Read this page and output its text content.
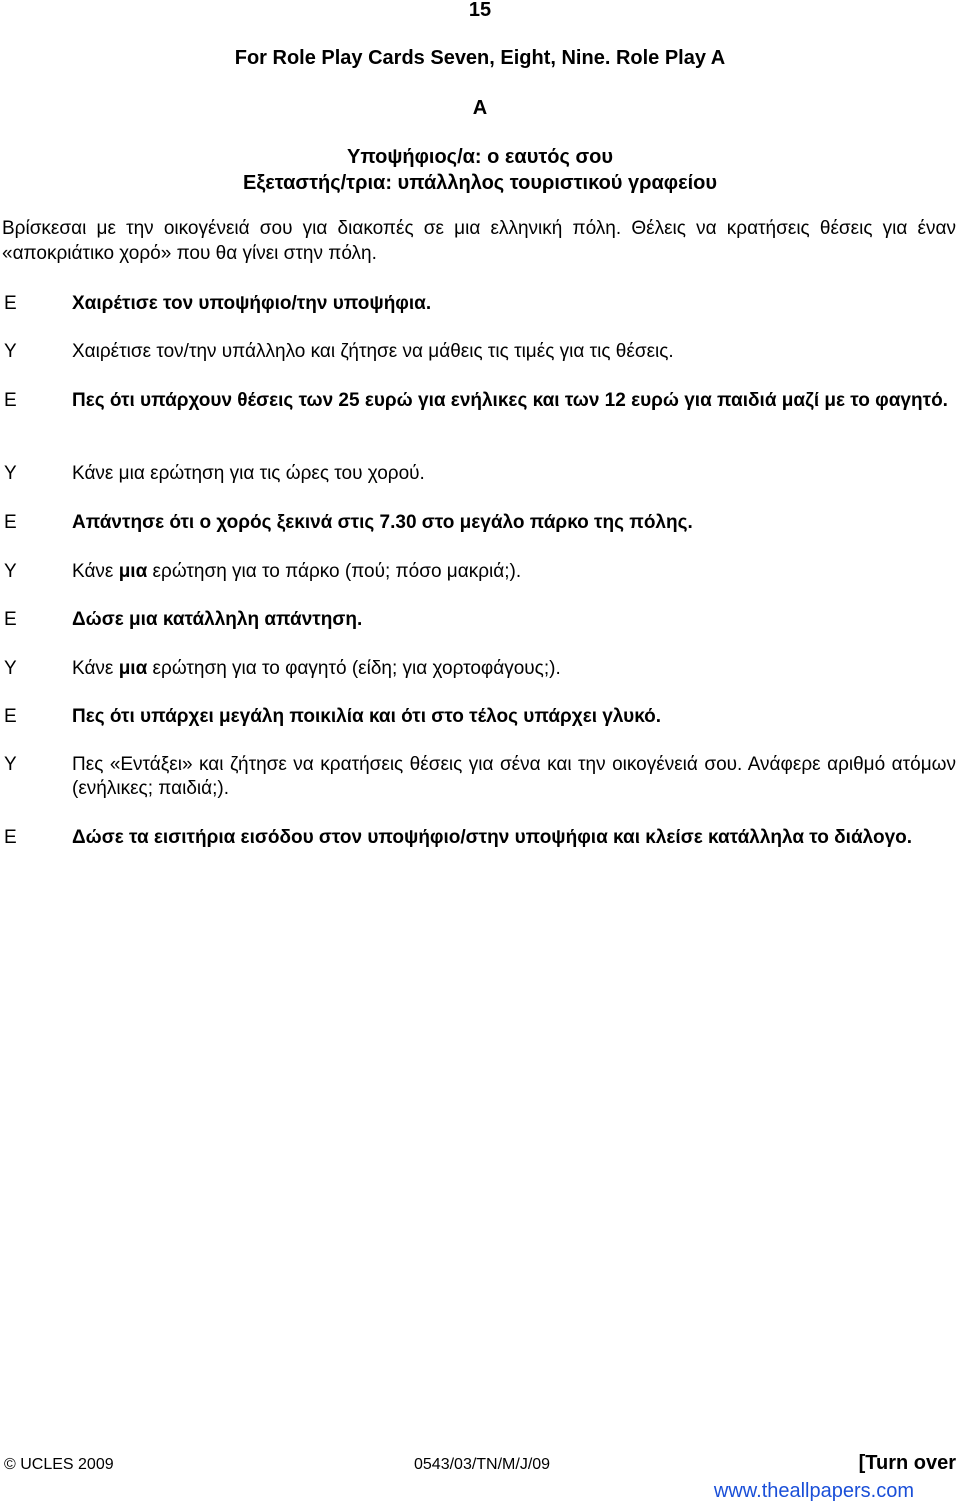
15
For Role Play Cards Seven, Eight, Nine. Role Play A
A
Υποψήφιος/α: ο εαυτός σου
Εξεταστής/τρια: υπάλληλος τουριστικού γραφείου
Βρίσκεσαι με την οικογένειά σου για διακοπές σε μια ελληνική πόλη. Θέλεις να κρατήσεις θέσεις για έναν «αποκριάτικο χορό» που θα γίνει στην πόλη.
E	Χαιρέτισε τον υποψήφιο/την υποψήφια.
Y	Χαιρέτισε τον/την υπάλληλο και ζήτησε να μάθεις τις τιμές για τις θέσεις.
E	Πες ότι υπάρχουν θέσεις των 25 ευρώ για ενήλικες και των 12 ευρώ για παιδιά μαζί με το φαγητό.
Y	Κάνε μια ερώτηση για τις ώρες του χορού.
E	Απάντησε ότι ο χορός ξεκινά στις 7.30 στο μεγάλο πάρκο της πόλης.
Y	Κάνε μια ερώτηση για το πάρκο (πού; πόσο μακριά;).
E	Δώσε μια κατάλληλη απάντηση.
Y	Κάνε μια ερώτηση για το φαγητό (είδη; για χορτοφάγους;).
E	Πες ότι υπάρχει μεγάλη ποικιλία και ότι στο τέλος υπάρχει γλυκό.
Y	Πες «Εντάξει» και ζήτησε να κρατήσεις θέσεις για σένα και την οικογένειά σου. Ανάφερε αριθμό ατόμων (ενήλικες; παιδιά;).
E	Δώσε τα εισιτήρια εισόδου στον υποψήφιο/στην υποψήφια και κλείσε κατάλληλα το διάλογο.
© UCLES 2009	0543/03/TN/M/J/09	[Turn over
www.theallpapers.com
